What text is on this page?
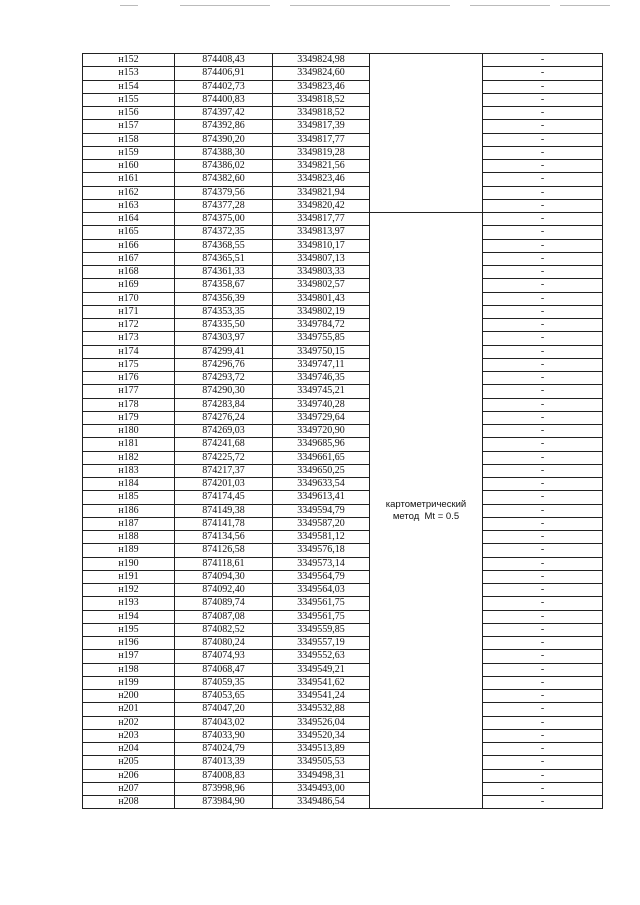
н152	874408,43	3349824,98		-
н153	874406,91	3349824,60		-
н154	874402,73	3349823,46		-
н155	874400,83	3349818,52		-
н156	874397,42	3349818,52		-
н157	874392,86	3349817,39		-
н158	874390,20	3349817,77		-
н159	874388,30	3349819,28		-
н160	874386,02	3349821,56		-
н161	874382,60	3349823,46		-
н162	874379,56	3349821,94		-
н163	874377,28	3349820,42		-
н164	874375,00	3349817,77	картометрический
метод  Mt = 0.5	-
н165	874372,35	3349813,97		-
н166	874368,55	3349810,17		-
н167	874365,51	3349807,13		-
н168	874361,33	3349803,33		-
н169	874358,67	3349802,57		-
н170	874356,39	3349801,43		-
н171	874353,35	3349802,19		-
н172	874335,50	3349784,72		-
н173	874303,97	3349755,85		-
н174	874299,41	3349750,15		-
н175	874296,76	3349747,11		-
н176	874293,72	3349746,35		-
н177	874290,30	3349745,21		-
н178	874283,84	3349740,28		-
н179	874276,24	3349729,64		-
н180	874269,03	3349720,90		-
н181	874241,68	3349685,96		-
н182	874225,72	3349661,65		-
н183	874217,37	3349650,25		-
н184	874201,03	3349633,54		-
н185	874174,45	3349613,41		-
н186	874149,38	3349594,79		-
н187	874141,78	3349587,20		-
н188	874134,56	3349581,12		-
н189	874126,58	3349576,18		-
н190	874118,61	3349573,14		-
н191	874094,30	3349564,79		-
н192	874092,40	3349564,03		-
н193	874089,74	3349561,75		-
н194	874087,08	3349561,75		-
н195	874082,52	3349559,85		-
н196	874080,24	3349557,19		-
н197	874074,93	3349552,63		-
н198	874068,47	3349549,21		-
н199	874059,35	3349541,62		-
н200	874053,65	3349541,24		-
н201	874047,20	3349532,88		-
н202	874043,02	3349526,04		-
н203	874033,90	3349520,34		-
н204	874024,79	3349513,89		-
н205	874013,39	3349505,53		-
н206	874008,83	3349498,31		-
н207	873998,96	3349493,00		-
н208	873984,90	3349486,54		-
